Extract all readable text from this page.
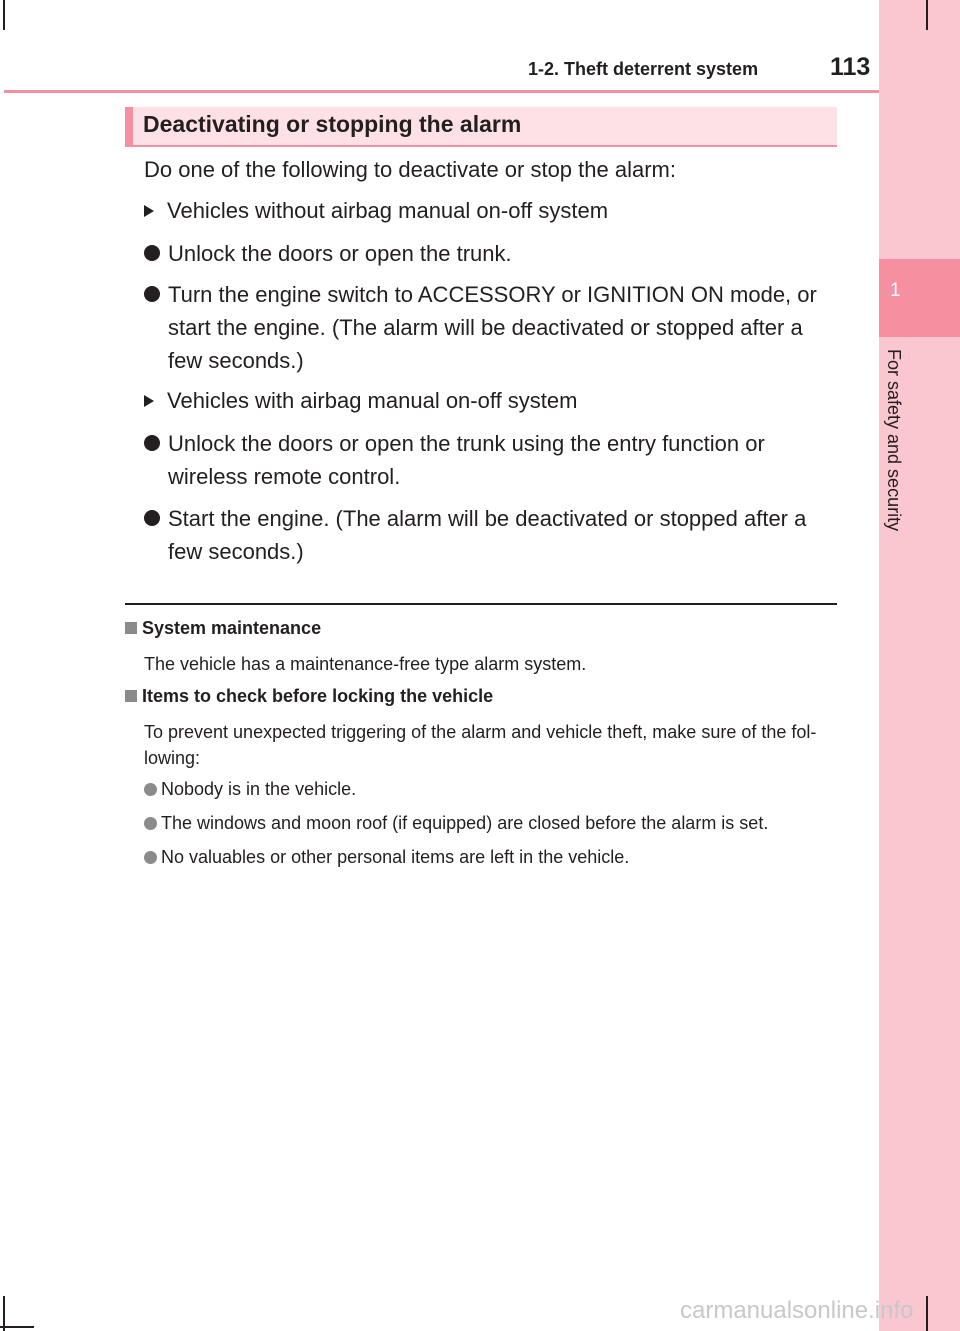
1
For safety and security
1-2. Theft deterrent system	113
Deactivating or stopping the alarm
Do one of the following to deactivate or stop the alarm:
Vehicles without airbag manual on-off system
Unlock the doors or open the trunk.
Turn the engine switch to ACCESSORY or IGNITION ON mode, or start the engine. (The alarm will be deactivated or stopped after a few seconds.)
Vehicles with airbag manual on-off system
Unlock the doors or open the trunk using the entry function or wireless remote control.
Start the engine. (The alarm will be deactivated or stopped after a few seconds.)
System maintenance
The vehicle has a maintenance-free type alarm system.
Items to check before locking the vehicle
To prevent unexpected triggering of the alarm and vehicle theft, make sure of the fol- lowing:
Nobody is in the vehicle.
The windows and moon roof (if equipped) are closed before the alarm is set.
No valuables or other personal items are left in the vehicle.
carmanualsonline.info
